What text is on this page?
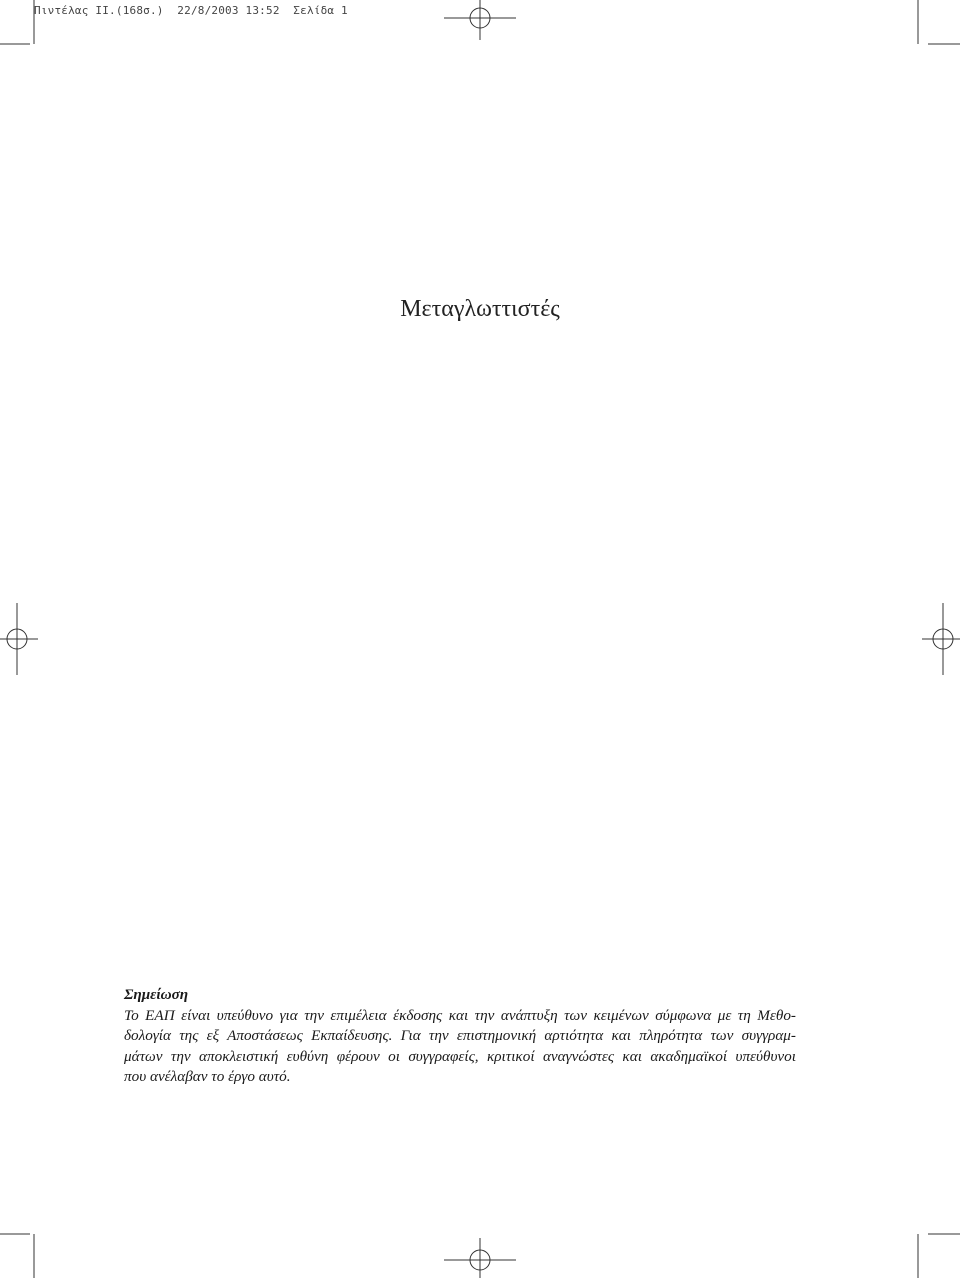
Πιντέλας ΙΙ.(168σ.) 22/8/2003 13:52 Σελίδα 1
Μεταγλωττιστές
Σημείωση
Το ΕΑΠ είναι υπεύθυνο για την επιμέλεια έκδοσης και την ανάπτυξη των κειμένων σύμφωνα με τη Μεθο-
δολογία της εξ Αποστάσεως Εκπαίδευσης. Για την επιστημονική αρτιότητα και πληρότητα των συγγραμ-
μάτων την αποκλειστική ευθύνη φέρουν οι συγγραφείς, κριτικοί αναγνώστες και ακαδημαϊκοί υπεύθυνοι
που ανέλαβαν το έργο αυτό.
